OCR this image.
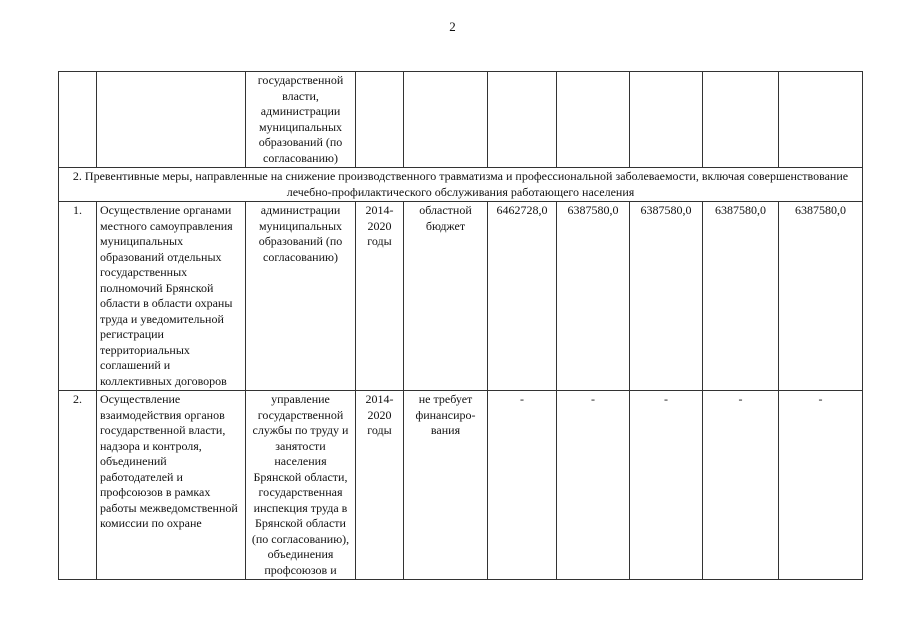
2
		государственной власти, администрации муниципальных образований (по согласованию)							
2. Превентивные меры, направленные на снижение производственного травматизма и профессиональной заболеваемости, включая совершенствование лечебно-профилактического обслуживания работающего населения									
1.	Осуществление органами местного самоуправления муниципальных образований отдельных государственных полномочий Брянской области в области охраны труда и уведомительной регистрации территориальных соглашений и коллективных договоров	администрации муниципальных образований (по согласованию)	2014-2020 годы	областной бюджет	6462728,0	6387580,0	6387580,0	6387580,0	6387580,0
2.	Осуществление взаимодействия органов государственной власти, надзора и контроля, объединений работодателей и профсоюзов в рамках работы межведомственной комиссии по охране	управление государственной службы по труду и занятости населения Брянской области, государственная инспекция труда в Брянской области (по согласованию), объединения профсоюзов и	2014-2020 годы	не требует финансиро-вания	-	-	-	-	-
